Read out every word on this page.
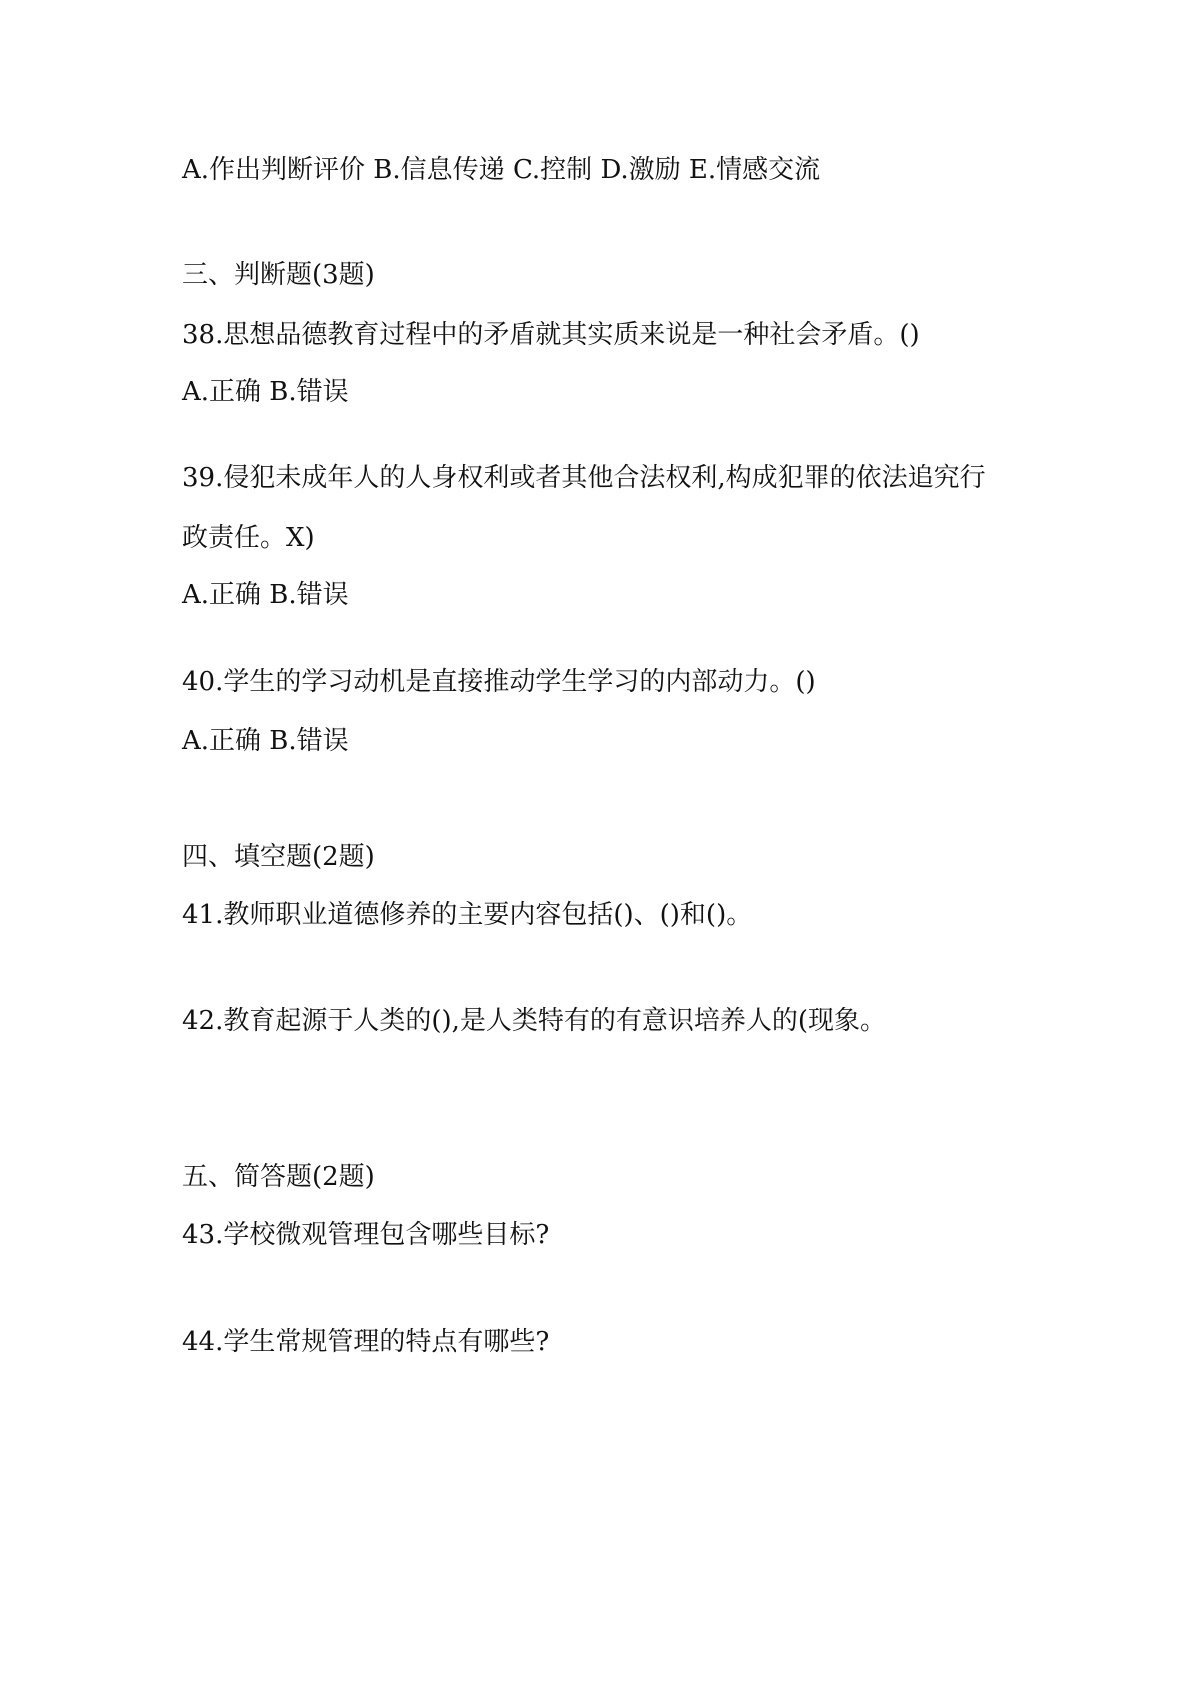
A.作出判断评价 B.信息传递 C.控制 D.激励 E.情感交流

三、判断题(3题)

38.思想品德教育过程中的矛盾就其实质来说是一种社会矛盾。()

A.正确 B.错误

39.侵犯未成年人的人身权利或者其他合法权利,构成犯罪的依法追究行

政责任。X)

A.正确 B.错误

40.学生的学习动机是直接推动学生学习的内部动力。()

A.正确 B.错误

四、填空题(2题)

41.教师职业道德修养的主要内容包括()、()和()。

42.教育起源于人类的(),是人类特有的有意识培养人的(现象。

五、简答题(2题)

43.学校微观管理包含哪些目标?

44.学生常规管理的特点有哪些?
